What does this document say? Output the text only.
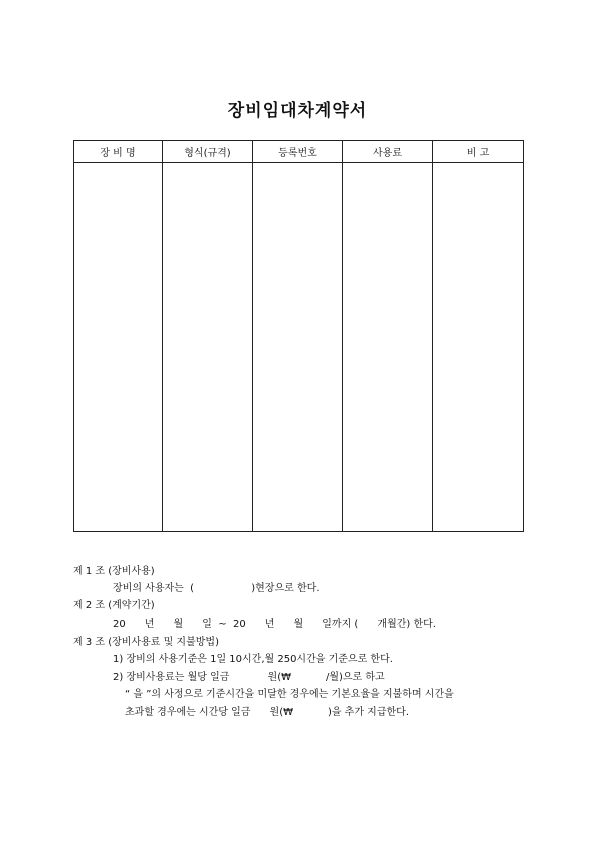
장비임대차계약서
장 비 명	형식(규격)	등록번호	사용료	비 고

제 1 조 (장비사용)
장비의 사용자는  (                  )현장으로 한다.
제 2 조 (계약기간)
20      년      월      일  ~  20      년      월      일까지 (      개월간) 한다.
제 3 조 (장비사용료 및 지불방법)
1) 장비의 사용기준은 1일 10시간,월 250시간을 기준으로 한다.
2) 장비사용료는 월당 일금            원(₩           /월)으로 하고
“ 을 ”의 사정으로 기준시간을 미달한 경우에는 기본요율을 지불하며 시간을
초과할 경우에는 시간당 일금      원(₩           )을 추가 지급한다.
